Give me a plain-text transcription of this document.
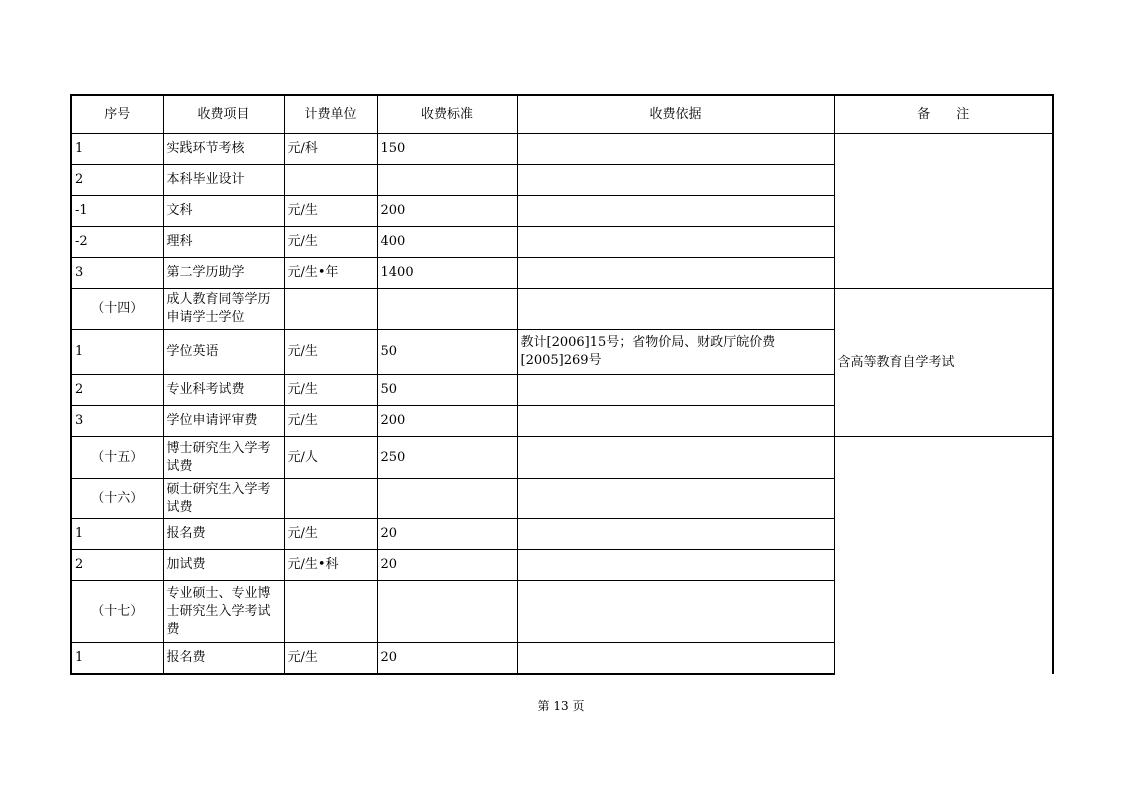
序号	收费项目	计费单位	收费标准	收费依据	备　　注
1	实践环节考核	元/科	150		
2	本科毕业设计				
-1	文科	元/生	200		
-2	理科	元/生	400		
3	第二学历助学	元/生•年	1400		
（十四）	成人教育同等学历申请学士学位				含高等教育自学考试
1	学位英语	元/生	50	教计[2006]15号；省物价局、财政厅皖价费[2005]269号	
2	专业科考试费	元/生	50		
3	学位申请评审费	元/生	200		
（十五）	博士研究生入学考试费	元/人	250		
（十六）	硕士研究生入学考试费				
1	报名费	元/生	20		
2	加试费	元/生•科	20		
（十七）	专业硕士、专业博士研究生入学考试费				
1	报名费	元/生	20		
第 13 页
